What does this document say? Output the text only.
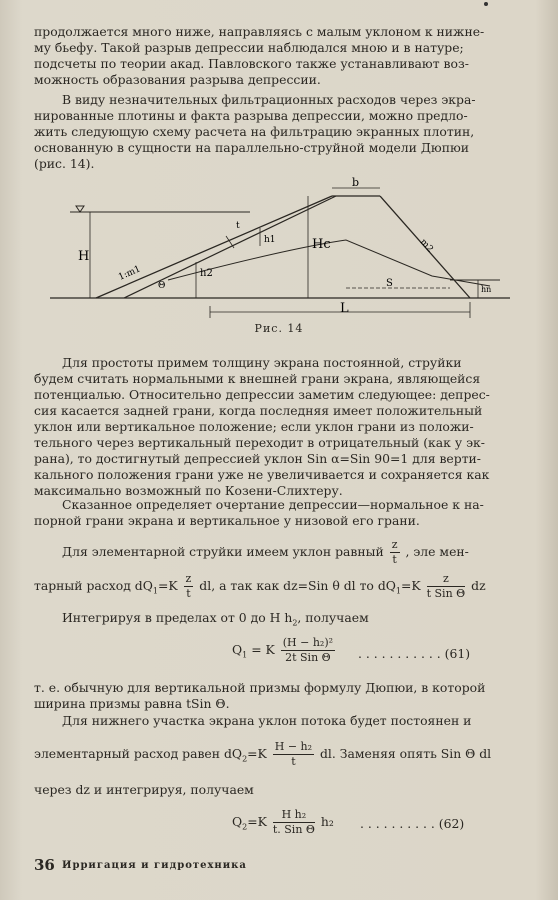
продолжается много ниже, направляясь с малым уклоном к нижне-
му бьефу. Такой разрыв депрессии наблюдался мною и в натуре;
подсчеты по теории акад. Павловского также устанавливают воз-
можность образования разрыва депрессии.
В виду незначительных фильтрационных расходов через экра-
нированные плотины и факта разрыва депрессии, можно предло-
жить следующую схему расчета на фильтрацию экранных плотин,
основанную в сущности на параллельно-струйной модели Дюпюи
(рис. 14).
b
H
Hc
h1
h2
hn
S
L
1:m1
m2
Θ
t
Рис. 14
Для простоты примем толщину экрана постоянной, струйки
будем считать нормальными к внешней грани экрана, являющейся
потенциалью. Относительно депрессии заметим следующее: депрес-
сия касается задней грани, когда последняя имеет положительный
уклон или вертикальное положение; если уклон грани из положи-
тельного через вертикальный переходит в отрицательный (как у эк-
рана), то достигнутый депрессией уклон Sin α=Sin 90=1 для верти-
кального положения грани уже не увеличивается и сохраняется как
максимально возможный по Козени-Слихтеру.
Сказанное определяет очертание депрессии—нормальное к на-
порной грани экрана и вертикальное у низовой его грани.
Для элементарной струйки имеем уклон равный $\frac{z}{t}$ , эле мен-
тарный расход $dQ_1=K \frac{z}{t}$ dl, а так как dz=Sin θ dl то $dQ_1=K \frac{z}{\text{t Sin Θ}}$ dz
Интегрируя в пределах от 0 до H $h_2$, получаем
$Q_1 = K \frac{\text{(H − h₂)²}}{\text{2t Sin Θ}}$ . . . . . . . . . . . (61)
т. е. обычную для вертикальной призмы формулу Дюпюи, в которой
ширина призмы равна tSin Θ.
Для нижнего участка экрана уклон потока будет постоянен и
элементарный расход равен $dQ_2=K \frac{\text{H − h₂}}{t}$ dl. Заменяя опять Sin Θ dl
через dz и интегрируя, получаем
$Q_2=K \frac{\text{H h₂}}{\text{t. Sin Θ}} h_2$ . . . . . . . . . . (62)
36 Ирригация и гидротехника
